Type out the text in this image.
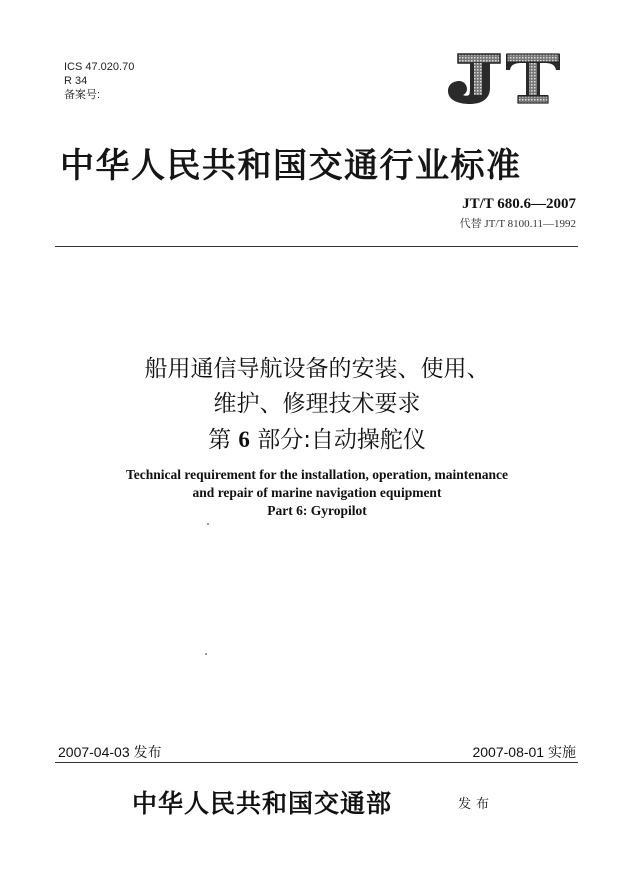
ICS 47.020.70
R 34
备案号:
中华人民共和国交通行业标准
JT/T 680.6—2007
代替 JT/T 8100.11—1992
船用通信导航设备的安装、使用、
维护、修理技术要求
第 6 部分:自动操舵仪
Technical requirement for the installation, operation, maintenance
and repair of marine navigation equipment
Part 6: Gyropilot
2007-04-03 发布	2007-08-01 实施
中华人民共和国交通部	发布
